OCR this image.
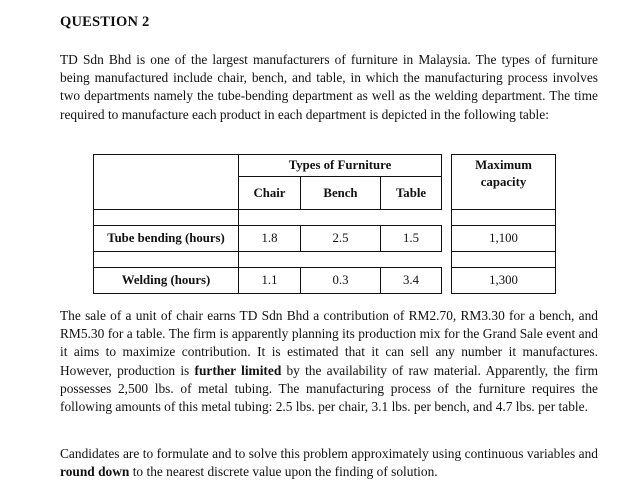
QUESTION 2
TD Sdn Bhd is one of the largest manufacturers of furniture in Malaysia. The types of furniture being manufactured include chair, bench, and table, in which the manufacturing process involves two departments namely the tube-bending department as well as the welding department. The time required to manufacture each product in each department is depicted in the following table:
	Types of Furniture				Maximum
capacity

	Chair	Bench	Table		

Tube bending (hours)	1.8	2.5	1.5		1,100

Welding (hours)	1.1	0.3	3.4		1,300
The sale of a unit of chair earns TD Sdn Bhd a contribution of RM2.70, RM3.30 for a bench, and RM5.30 for a table. The firm is apparently planning its production mix for the Grand Sale event and it aims to maximize contribution. It is estimated that it can sell any number it manufactures. However, production is further limited by the availability of raw material. Apparently, the firm possesses 2,500 lbs. of metal tubing. The manufacturing process of the furniture requires the following amounts of this metal tubing: 2.5 lbs. per chair, 3.1 lbs. per bench, and 4.7 lbs. per table.
Candidates are to formulate and to solve this problem approximately using continuous variables and round down to the nearest discrete value upon the finding of solution.
